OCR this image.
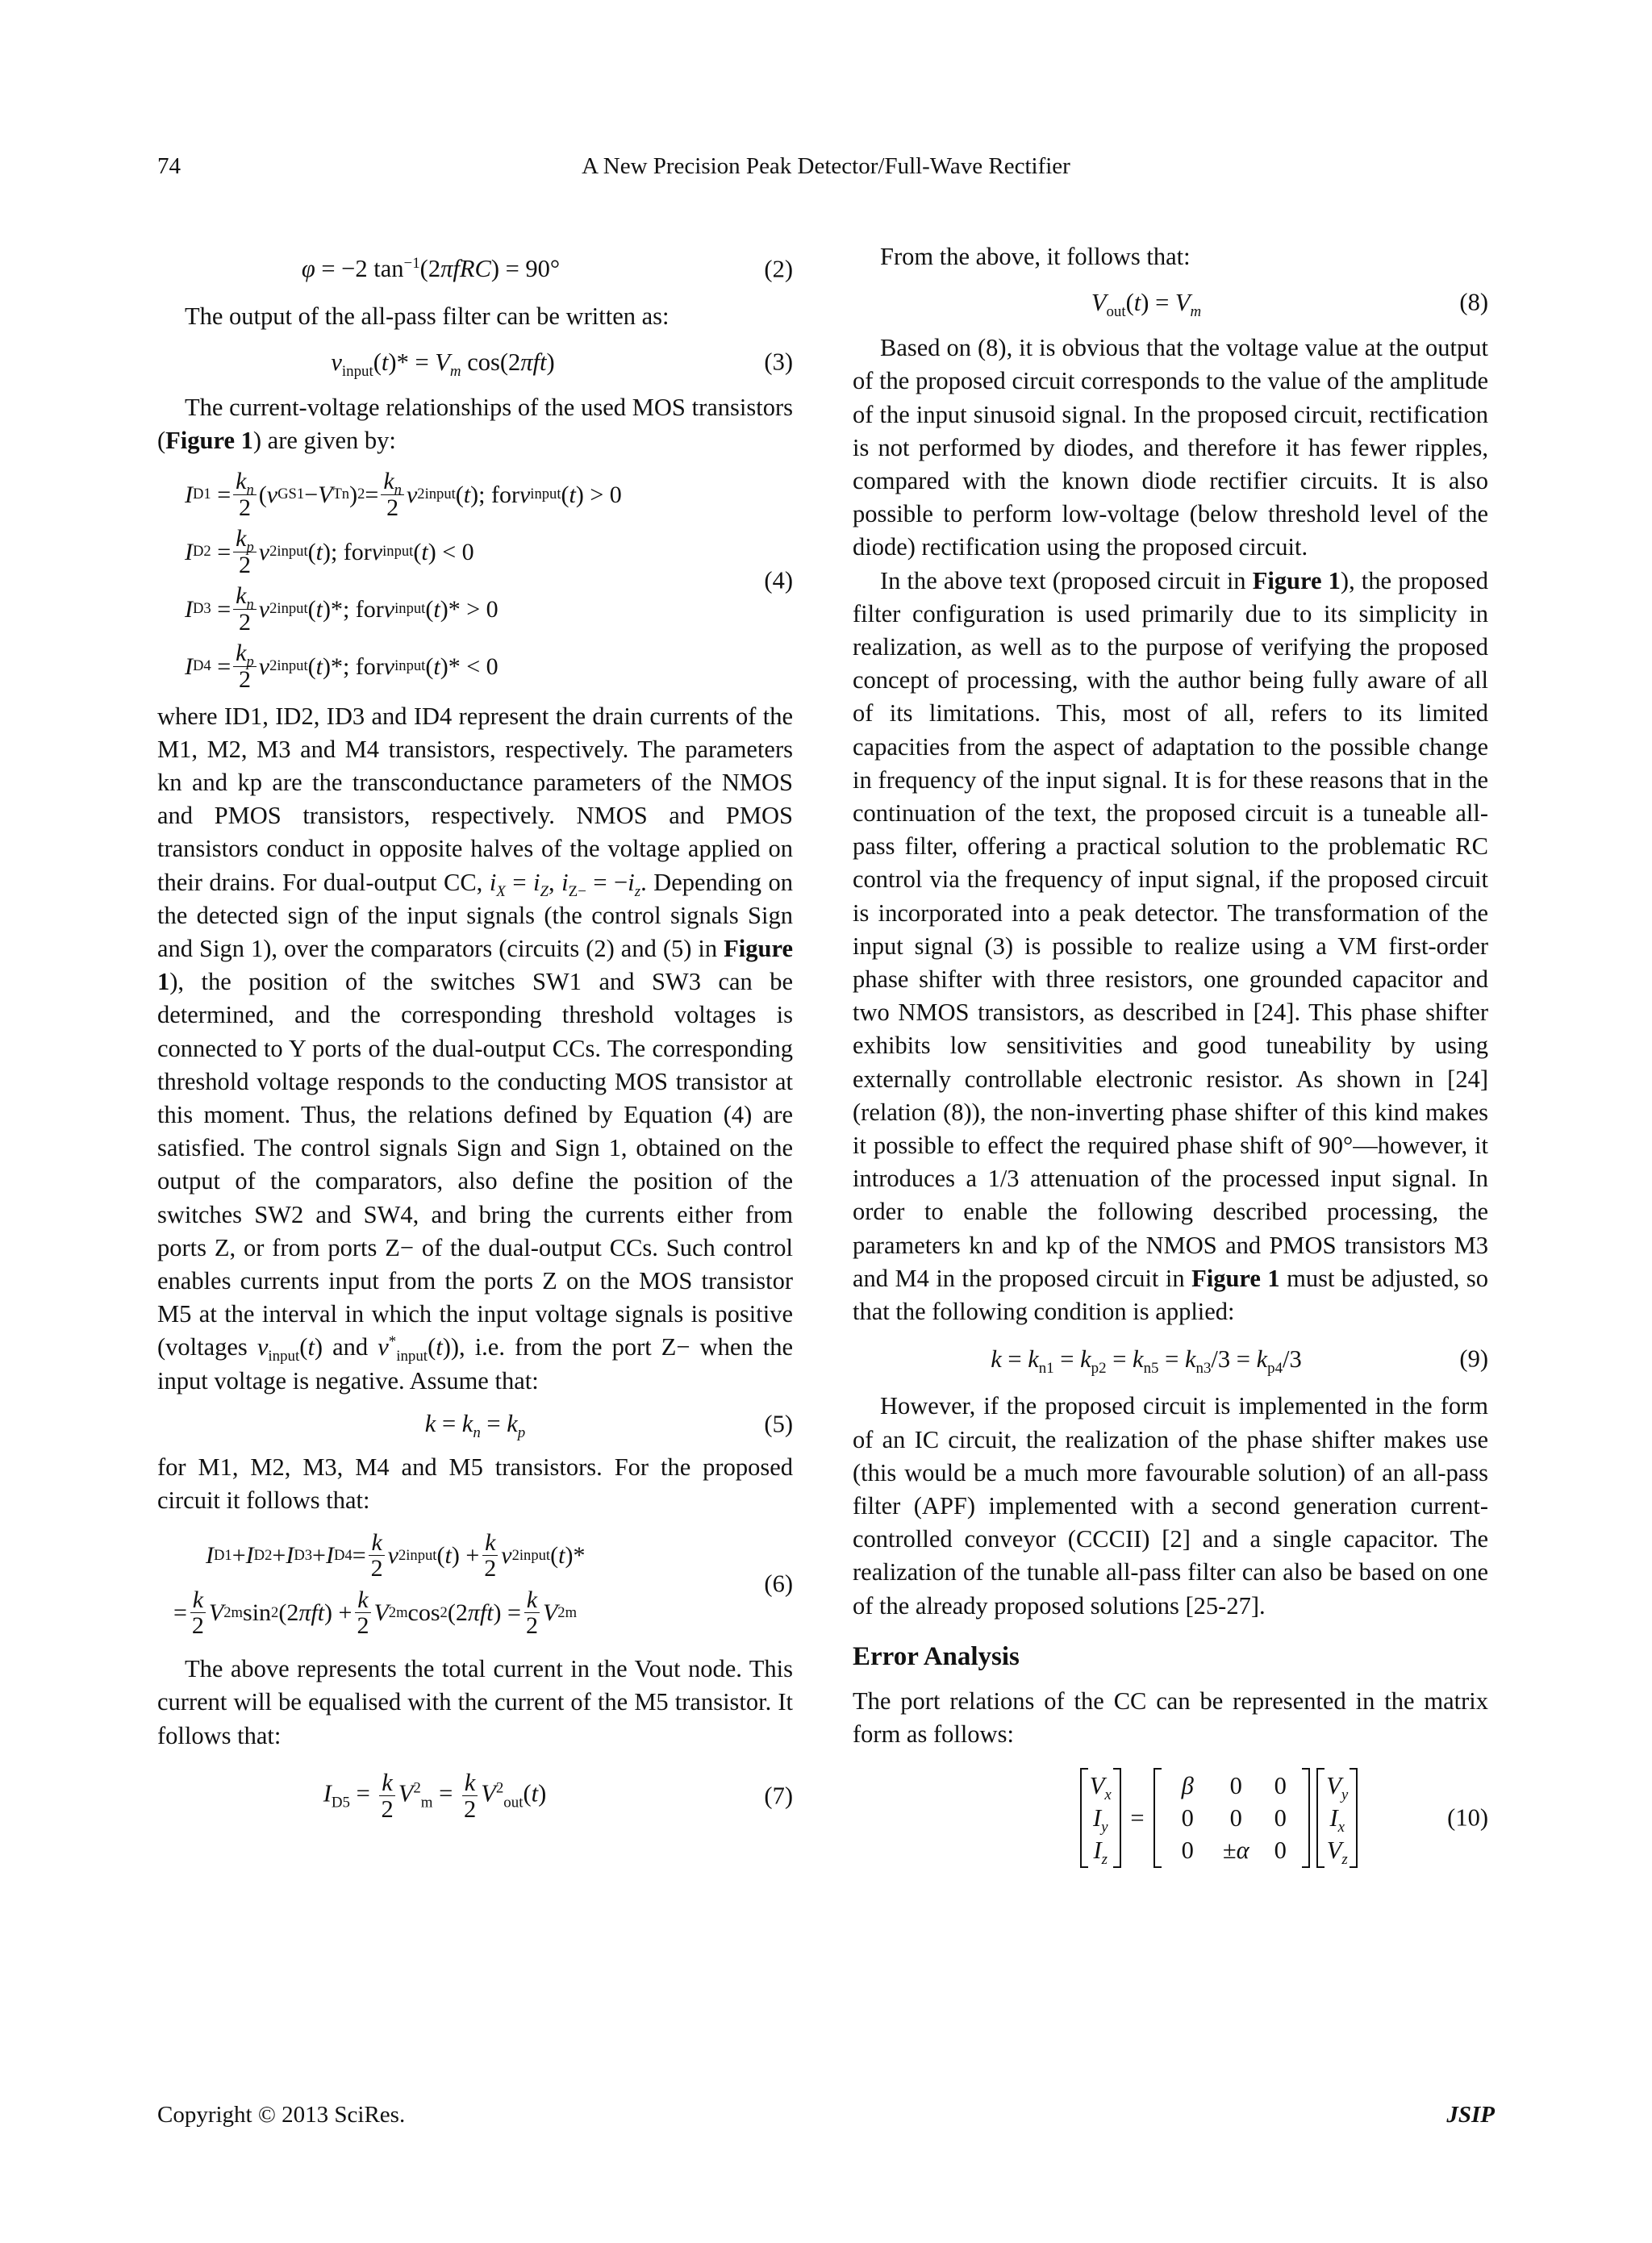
74	A New Precision Peak Detector/Full-Wave Rectifier
φ = −2 $\tan^{-1}(2\pi fRC) = 90^\circ$	(2)

The output of the all-pass filter can be written as:

$v_{input}(t)* = V_m$ cos(2πft)	(3)

The current-voltage relationships of the used MOS transistors (Figure 1) are given by:

I $D1 = \frac{k_n}{2}$ ( v GS1 − V Tn ) $2 = \frac{k_n}{2}$ v 2 input ( t ); for v input ( t ) > 0
I $D2 = \frac{k_p}{2}$ v 2 input ( t ); for v input ( t ) < 0
I $D3 = \frac{k_n}{2}$ v 2 input ( t )*; for v input ( t )* > 0
I $D4 = \frac{k_p}{2}$ v 2 input ( t )*; for v input ( t )* < 0
(4)

where ID1, ID2, ID3 and ID4 represent the drain currents of the M1, M2, M3 and M4 transistors, respectively. The parameters kn and kp are the transconductance parameters of the NMOS and PMOS transistors, respectively. NMOS and PMOS transistors conduct in opposite halves of the voltage applied on their drains. For dual-output CC, $i_X = i_Z$, $i_{Z-} = -i_z$. Depending on the detected sign of the input signals (the control signals Sign and Sign 1), over the comparators (circuits (2) and (5) in Figure 1), the position of the switches SW1 and SW3 can be determined, and the corresponding threshold voltages is connected to Y ports of the dual-output CCs. The corresponding threshold voltage responds to the conducting MOS transistor at this moment. Thus, the relations defined by Equation (4) are satisfied. The control signals Sign and Sign 1, obtained on the output of the comparators, also define the position of the switches SW2 and SW4, and bring the currents either from ports Z, or from ports Z− of the dual-output CCs. Such control enables currents input from the ports Z on the MOS transistor M5 at the interval in which the input voltage signals is positive (voltages $v_{input}(t)$ and $v^*_{input}(t)$), i.e. from the port Z− when the input voltage is negative. Assume that:

$k = k_n = k_p$	(5)

for M1, M2, M3, M4 and M5 transistors. For the proposed circuit it follows that:

I D1 + I D2 + I D3 + I $D4 = \frac{k}{2}$ v 2 input ( t ) + $\frac{k}{2}$ v 2 input ( t )*
= $\frac{k}{2}$ V 2 m sin 2 (2 πft ) + $\frac{k}{2}$ V 2 m cos 2 (2 πft ) = $\frac{k}{2}$ V 2 m
(6)

The above represents the total current in the Vout node. This current will be equalised with the current of the M5 transistor. It follows that:

$I_{D5} = \frac{k}{2} V^2_m = \frac{k}{2} V^2_{out}(t)$	(7)

From the above, it follows that:

$V_{out}(t) = V_m$	(8)

Based on (8), it is obvious that the voltage value at the output of the proposed circuit corresponds to the value of the amplitude of the input sinusoid signal. In the proposed circuit, rectification is not performed by diodes, and therefore it has fewer ripples, compared with the known diode rectifier circuits. It is also possible to perform low-voltage (below threshold level of the diode) rectification using the proposed circuit.

In the above text (proposed circuit in Figure 1), the proposed filter configuration is used primarily due to its simplicity in realization, as well as to the purpose of verifying the proposed concept of processing, with the author being fully aware of all of its limitations. This, most of all, refers to its limited capacities from the aspect of adaptation to the possible change in frequency of the input signal. It is for these reasons that in the continuation of the text, the proposed circuit is a tuneable all-pass filter, offering a practical solution to the problematic RC control via the frequency of input signal, if the proposed circuit is incorporated into a peak detector. The transformation of the input signal (3) is possible to realize using a VM first-order phase shifter with three resistors, one grounded capacitor and two NMOS transistors, as described in [24]. This phase shifter exhibits low sensitivities and good tuneability by using externally controllable electronic resistor. As shown in [24] (relation (8)), the non-inverting phase shifter of this kind makes it possible to effect the required phase shift of 90°—however, it introduces a 1/3 attenuation of the processed input signal. In order to enable the following described processing, the parameters kn and kp of the NMOS and PMOS transistors M3 and M4 in the proposed circuit in Figure 1 must be adjusted, so that the following condition is applied:

$k = k_{n1} = k_{p2} = k_{n5} = k_{n3}/3 = k_{p4}/3$	(9)

However, if the proposed circuit is implemented in the form of an IC circuit, the realization of the phase shifter makes use (this would be a much more favourable solution) of an all-pass filter (APF) implemented with a second generation current-controlled conveyor (CCCII) [2] and a single capacitor. The realization of the tunable all-pass filter can also be based on one of the already proposed solutions [25-27].

Error Analysis

The port relations of the CC can be represented in the matrix form as follows:

$V_x$
$I_y$
$I_z$
=
β	0	0
0	0	0
0	±α	0
$V_y$
$I_x$
$V_z$
(10)
Copyright © 2013 SciRes.	JSIP
